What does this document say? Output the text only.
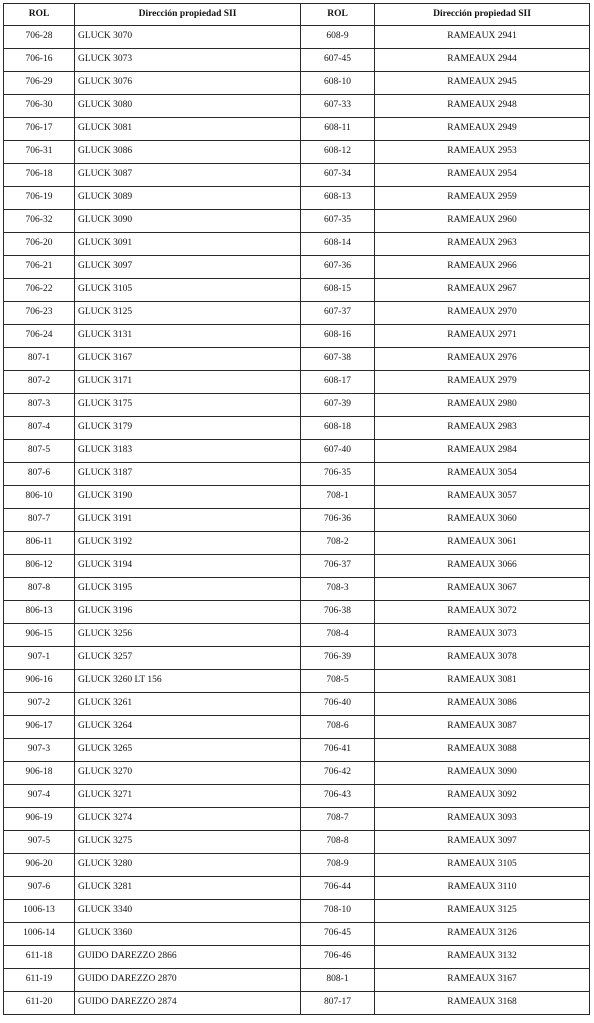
ROL	Dirección propiedad SII	ROL	Dirección propiedad SII
706-28	GLUCK 3070	608-9	RAMEAUX 2941
706-16	GLUCK 3073	607-45	RAMEAUX 2944
706-29	GLUCK 3076	608-10	RAMEAUX 2945
706-30	GLUCK 3080	607-33	RAMEAUX 2948
706-17	GLUCK 3081	608-11	RAMEAUX 2949
706-31	GLUCK 3086	608-12	RAMEAUX 2953
706-18	GLUCK 3087	607-34	RAMEAUX 2954
706-19	GLUCK 3089	608-13	RAMEAUX 2959
706-32	GLUCK 3090	607-35	RAMEAUX 2960
706-20	GLUCK 3091	608-14	RAMEAUX 2963
706-21	GLUCK 3097	607-36	RAMEAUX 2966
706-22	GLUCK 3105	608-15	RAMEAUX 2967
706-23	GLUCK 3125	607-37	RAMEAUX 2970
706-24	GLUCK 3131	608-16	RAMEAUX 2971
807-1	GLUCK 3167	607-38	RAMEAUX 2976
807-2	GLUCK 3171	608-17	RAMEAUX 2979
807-3	GLUCK 3175	607-39	RAMEAUX 2980
807-4	GLUCK 3179	608-18	RAMEAUX 2983
807-5	GLUCK 3183	607-40	RAMEAUX 2984
807-6	GLUCK 3187	706-35	RAMEAUX 3054
806-10	GLUCK 3190	708-1	RAMEAUX 3057
807-7	GLUCK 3191	706-36	RAMEAUX 3060
806-11	GLUCK 3192	708-2	RAMEAUX 3061
806-12	GLUCK 3194	706-37	RAMEAUX 3066
807-8	GLUCK 3195	708-3	RAMEAUX 3067
806-13	GLUCK 3196	706-38	RAMEAUX 3072
906-15	GLUCK 3256	708-4	RAMEAUX 3073
907-1	GLUCK 3257	706-39	RAMEAUX 3078
906-16	GLUCK 3260 LT 156	708-5	RAMEAUX 3081
907-2	GLUCK 3261	706-40	RAMEAUX 3086
906-17	GLUCK 3264	708-6	RAMEAUX 3087
907-3	GLUCK 3265	706-41	RAMEAUX 3088
906-18	GLUCK 3270	706-42	RAMEAUX 3090
907-4	GLUCK 3271	706-43	RAMEAUX 3092
906-19	GLUCK 3274	708-7	RAMEAUX 3093
907-5	GLUCK 3275	708-8	RAMEAUX 3097
906-20	GLUCK 3280	708-9	RAMEAUX 3105
907-6	GLUCK 3281	706-44	RAMEAUX 3110
1006-13	GLUCK 3340	708-10	RAMEAUX 3125
1006-14	GLUCK 3360	706-45	RAMEAUX 3126
611-18	GUIDO DAREZZO 2866	706-46	RAMEAUX 3132
611-19	GUIDO DAREZZO 2870	808-1	RAMEAUX 3167
611-20	GUIDO DAREZZO 2874	807-17	RAMEAUX 3168
